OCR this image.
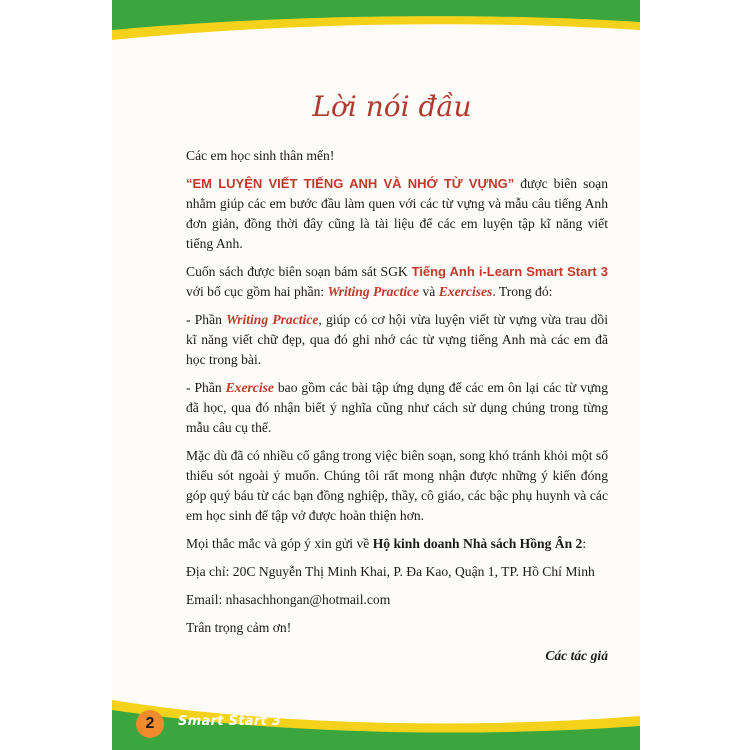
Lời nói đầu

Các em học sinh thân mến!

“EM LUYỆN VIẾT TIẾNG ANH VÀ NHỚ TỪ VỰNG” được biên soạn nhằm giúp các em bước đầu làm quen với các từ vựng và mẫu câu tiếng Anh đơn giản, đồng thời đây cũng là tài liệu để các em luyện tập kĩ năng viết tiếng Anh.

Cuốn sách được biên soạn bám sát SGK Tiếng Anh i-Learn Smart Start 3 với bố cục gồm hai phần: Writing Practice và Exercises. Trong đó:

- Phần Writing Practice, giúp có cơ hội vừa luyện viết từ vựng vừa trau dồi kĩ năng viết chữ đẹp, qua đó ghi nhớ các từ vựng tiếng Anh mà các em đã học trong bài.

- Phần Exercise bao gồm các bài tập ứng dụng để các em ôn lại các từ vựng đã học, qua đó nhận biết ý nghĩa cũng như cách sử dụng chúng trong từng mẫu câu cụ thể.

Mặc dù đã có nhiều cố gắng trong việc biên soạn, song khó tránh khỏi một số thiếu sót ngoài ý muốn. Chúng tôi rất mong nhận được những ý kiến đóng góp quý báu từ các bạn đồng nghiệp, thầy, cô giáo, các bậc phụ huynh và các em học sinh để tập vở được hoàn thiện hơn.

Mọi thắc mắc và góp ý xin gửi về Hộ kinh doanh Nhà sách Hồng Ân 2:

Địa chỉ: 20C Nguyễn Thị Minh Khai, P. Đa Kao, Quận 1, TP. Hồ Chí Minh

Email: nhasachhongan@hotmail.com

Trân trọng cảm ơn!

Các tác giả

2	Smart Start 3
